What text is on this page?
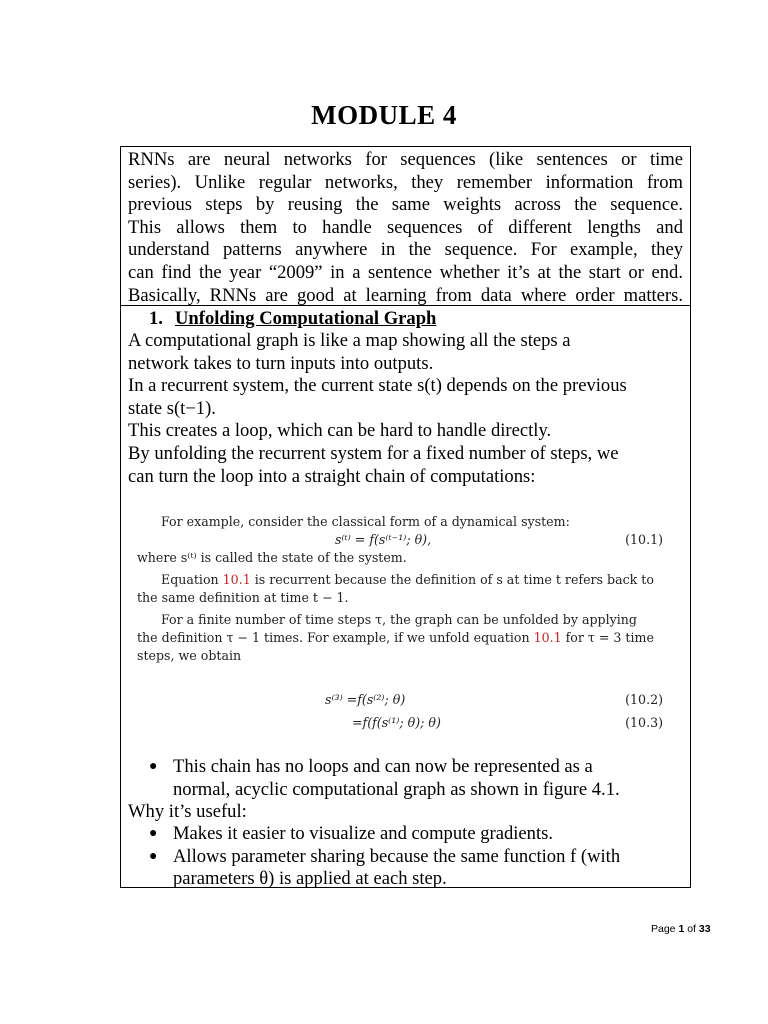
MODULE 4
RNNs are neural networks for sequences (like sentences or time
series). Unlike regular networks, they remember information from
previous steps by reusing the same weights across the sequence.
This allows them to handle sequences of different lengths and
understand patterns anywhere in the sequence. For example, they
can find the year “2009” in a sentence whether it’s at the start or end.
Basically, RNNs are good at learning from data where order matters.
1. Unfolding Computational Graph
A computational graph is like a map showing all the steps a
network takes to turn inputs into outputs.
In a recurrent system, the current state s(t) depends on the previous
state s(t−1).
This creates a loop, which can be hard to handle directly.
By unfolding the recurrent system for a fixed number of steps, we
can turn the loop into a straight chain of computations:

For example, consider the classical form of a dynamical system:

s⁽ᵗ⁾ = f(s⁽ᵗ⁻¹⁾; θ),	(10.1)

where s⁽ᵗ⁾ is called the state of the system.

Equation 10.1 is recurrent because the definition of s at time t refers back to

the same definition at time t − 1.

For a finite number of time steps τ, the graph can be unfolded by applying

the definition τ − 1 times. For example, if we unfold equation 10.1 for τ = 3 time

steps, we obtain

s⁽³⁾ =f(s⁽²⁾; θ)	(10.2)
=f(f(s⁽¹⁾; θ); θ)	(10.3)
● This chain has no loops and can now be represented as a
normal, acyclic computational graph as shown in figure 4.1.
Why it’s useful:
● Makes it easier to visualize and compute gradients.
● Allows parameter sharing because the same function f (with
parameters θ) is applied at each step.
Page 1 of 33
